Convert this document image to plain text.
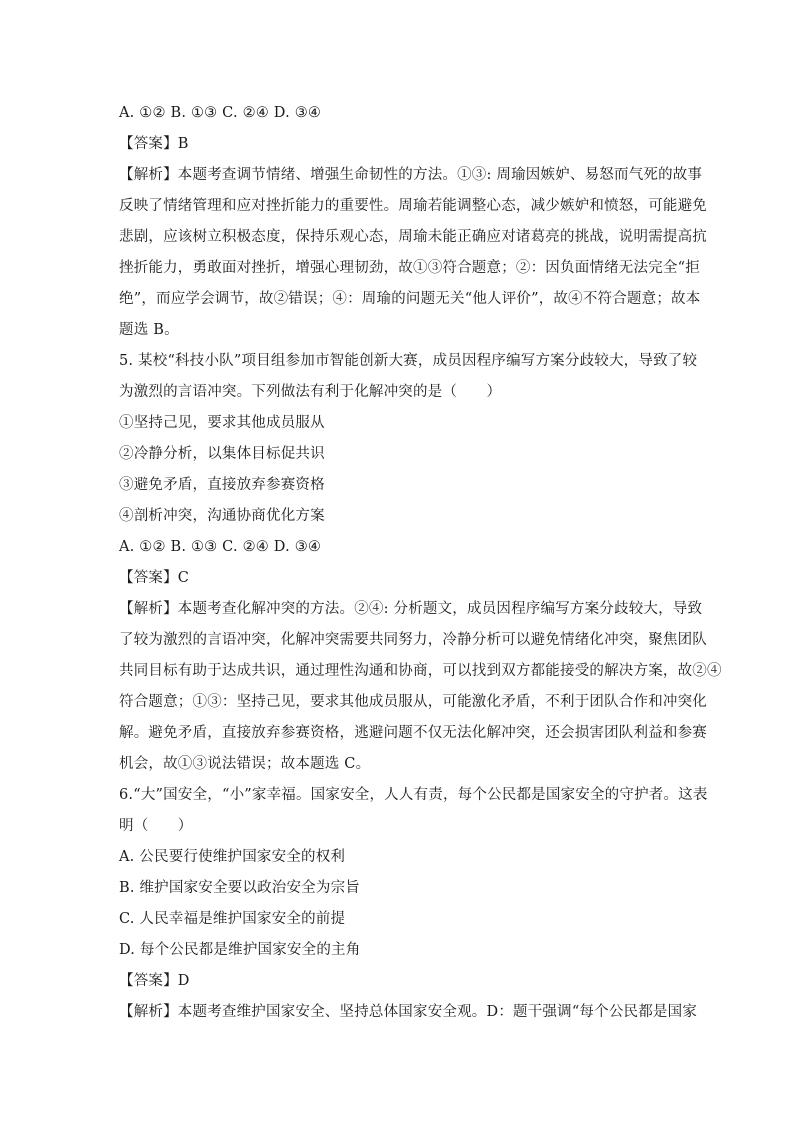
A. ①② B. ①③ C. ②④ D. ③④
【答案】B
【解析】本题考查调节情绪、增强生命韧性的方法。①③: 周瑜因嫉妒、易怒而气死的故事
反映了情绪管理和应对挫折能力的重要性。周瑜若能调整心态，减少嫉妒和愤怒，可能避免
悲剧，应该树立积极态度，保持乐观心态，周瑜未能正确应对诸葛亮的挑战，说明需提高抗
挫折能力，勇敢面对挫折，增强心理韧劲，故①③符合题意；②：因负面情绪无法完全“拒
绝”，而应学会调节，故②错误；④：周瑜的问题无关“他人评价”，故④不符合题意；故本
题选 B。
5. 某校“科技小队”项目组参加市智能创新大赛，成员因程序编写方案分歧较大，导致了较
为激烈的言语冲突。下列做法有利于化解冲突的是（　　）
①坚持己见，要求其他成员服从
②冷静分析，以集体目标促共识
③避免矛盾，直接放弃参赛资格
④剖析冲突，沟通协商优化方案
A. ①② B. ①③ C. ②④ D. ③④
【答案】C
【解析】本题考查化解冲突的方法。②④: 分析题文，成员因程序编写方案分歧较大，导致
了较为激烈的言语冲突，化解冲突需要共同努力，冷静分析可以避免情绪化冲突，聚焦团队
共同目标有助于达成共识，通过理性沟通和协商，可以找到双方都能接受的解决方案，故②④
符合题意；①③：坚持己见，要求其他成员服从，可能激化矛盾，不利于团队合作和冲突化
解。避免矛盾，直接放弃参赛资格，逃避问题不仅无法化解冲突，还会损害团队利益和参赛
机会，故①③说法错误；故本题选 C。
6.“大”国安全，“小”家幸福。国家安全，人人有责，每个公民都是国家安全的守护者。这表
明（　　）
A. 公民要行使维护国家安全的权利
B. 维护国家安全要以政治安全为宗旨
C. 人民幸福是维护国家安全的前提
D. 每个公民都是维护国家安全的主角
【答案】D
【解析】本题考查维护国家安全、坚持总体国家安全观。D：题干强调“每个公民都是国家
